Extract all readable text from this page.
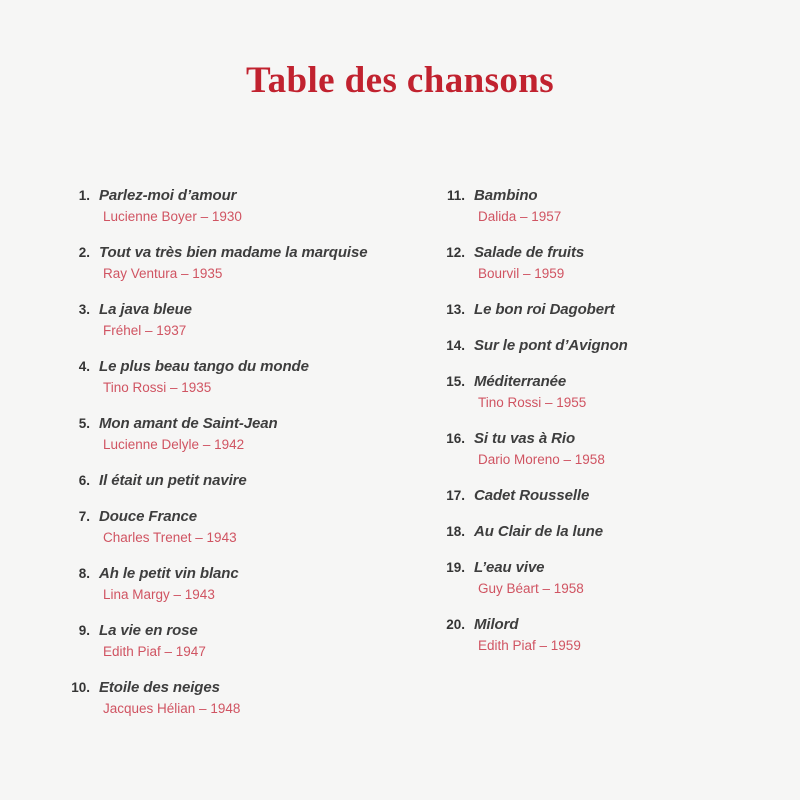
Table des chansons
1. Parlez-moi d’amour
Lucienne Boyer – 1930
2. Tout va très bien madame la marquise
Ray Ventura – 1935
3. La java bleue
Fréhel – 1937
4. Le plus beau tango du monde
Tino Rossi – 1935
5. Mon amant de Saint-Jean
Lucienne Delyle – 1942
6. Il était un petit navire
7. Douce France
Charles Trenet – 1943
8. Ah le petit vin blanc
Lina Margy – 1943
9. La vie en rose
Edith Piaf – 1947
10. Etoile des neiges
Jacques Hélian – 1948
11. Bambino
Dalida – 1957
12. Salade de fruits
Bourvil – 1959
13. Le bon roi Dagobert
14. Sur le pont d’Avignon
15. Méditerranée
Tino Rossi – 1955
16. Si tu vas à Rio
Dario Moreno – 1958
17. Cadet Rousselle
18. Au Clair de la lune
19. L’eau vive
Guy Béart – 1958
20. Milord
Edith Piaf – 1959
